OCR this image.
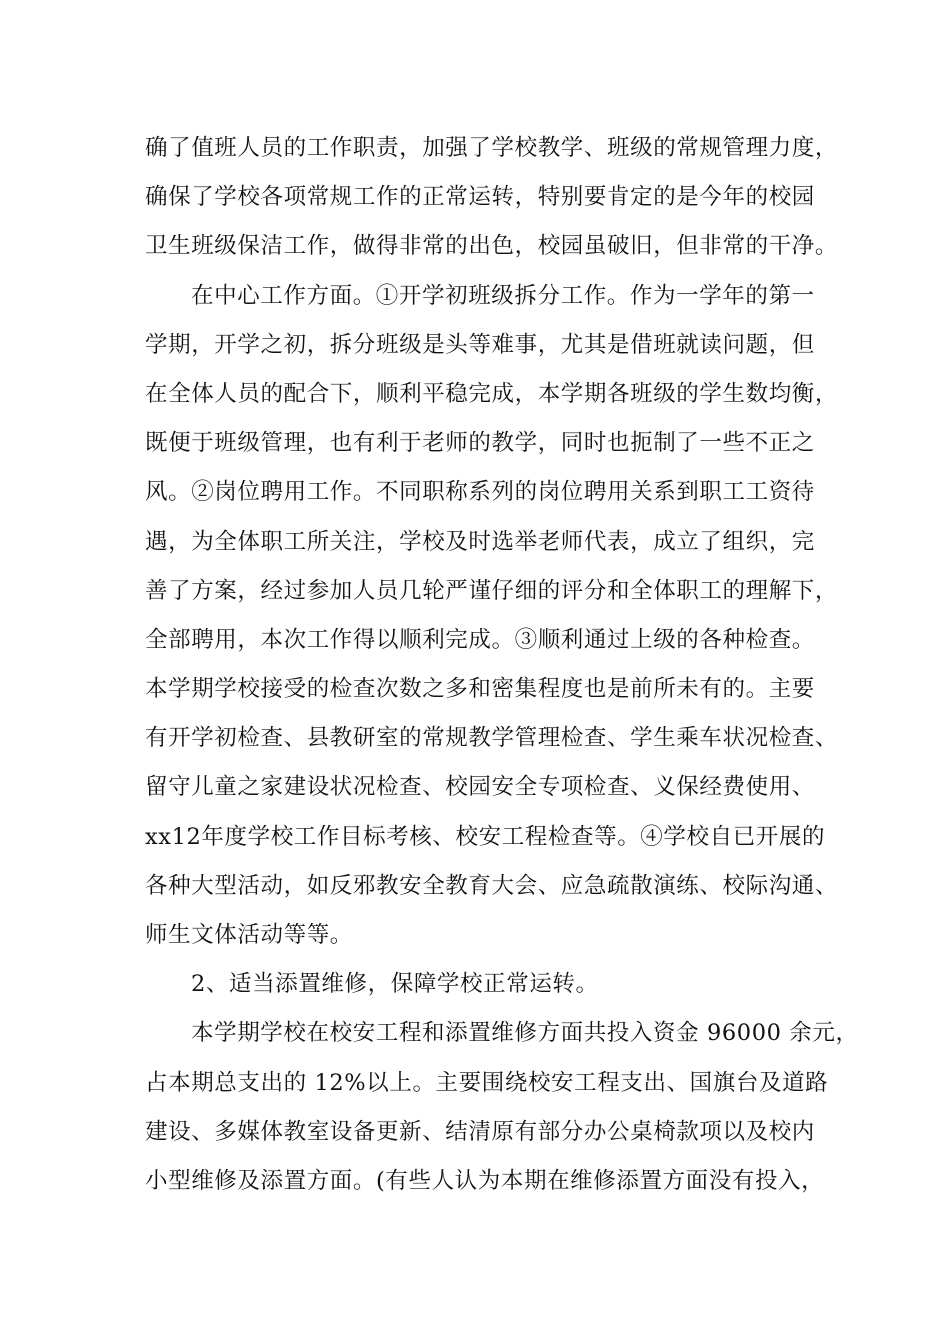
确了值班人员的工作职责，加强了学校教学、班级的常规管理力度，
确保了学校各项常规工作的正常运转，特别要肯定的是今年的校园
卫生班级保洁工作，做得非常的出色，校园虽破旧，但非常的干净。
在中心工作方面。①开学初班级拆分工作。作为一学年的第一
学期，开学之初，拆分班级是头等难事，尤其是借班就读问题，但
在全体人员的配合下，顺利平稳完成，本学期各班级的学生数均衡，
既便于班级管理，也有利于老师的教学，同时也扼制了一些不正之
风。②岗位聘用工作。不同职称系列的岗位聘用关系到职工工资待
遇，为全体职工所关注，学校及时选举老师代表，成立了组织，完
善了方案，经过参加人员几轮严谨仔细的评分和全体职工的理解下，
全部聘用，本次工作得以顺利完成。③顺利通过上级的各种检查。
本学期学校接受的检查次数之多和密集程度也是前所未有的。主要
有开学初检查、县教研室的常规教学管理检查、学生乘车状况检查、
留守儿童之家建设状况检查、校园安全专项检查、义保经费使用、
xx12年度学校工作目标考核、校安工程检查等。④学校自已开展的
各种大型活动，如反邪教安全教育大会、应急疏散演练、校际沟通、
师生文体活动等等。
2、适当添置维修，保障学校正常运转。
本学期学校在校安工程和添置维修方面共投入资金 96000 余元，
占本期总支出的 12%以上。主要围绕校安工程支出、国旗台及道路
建设、多媒体教室设备更新、结清原有部分办公桌椅款项以及校内
小型维修及添置方面。(有些人认为本期在维修添置方面没有投入，
